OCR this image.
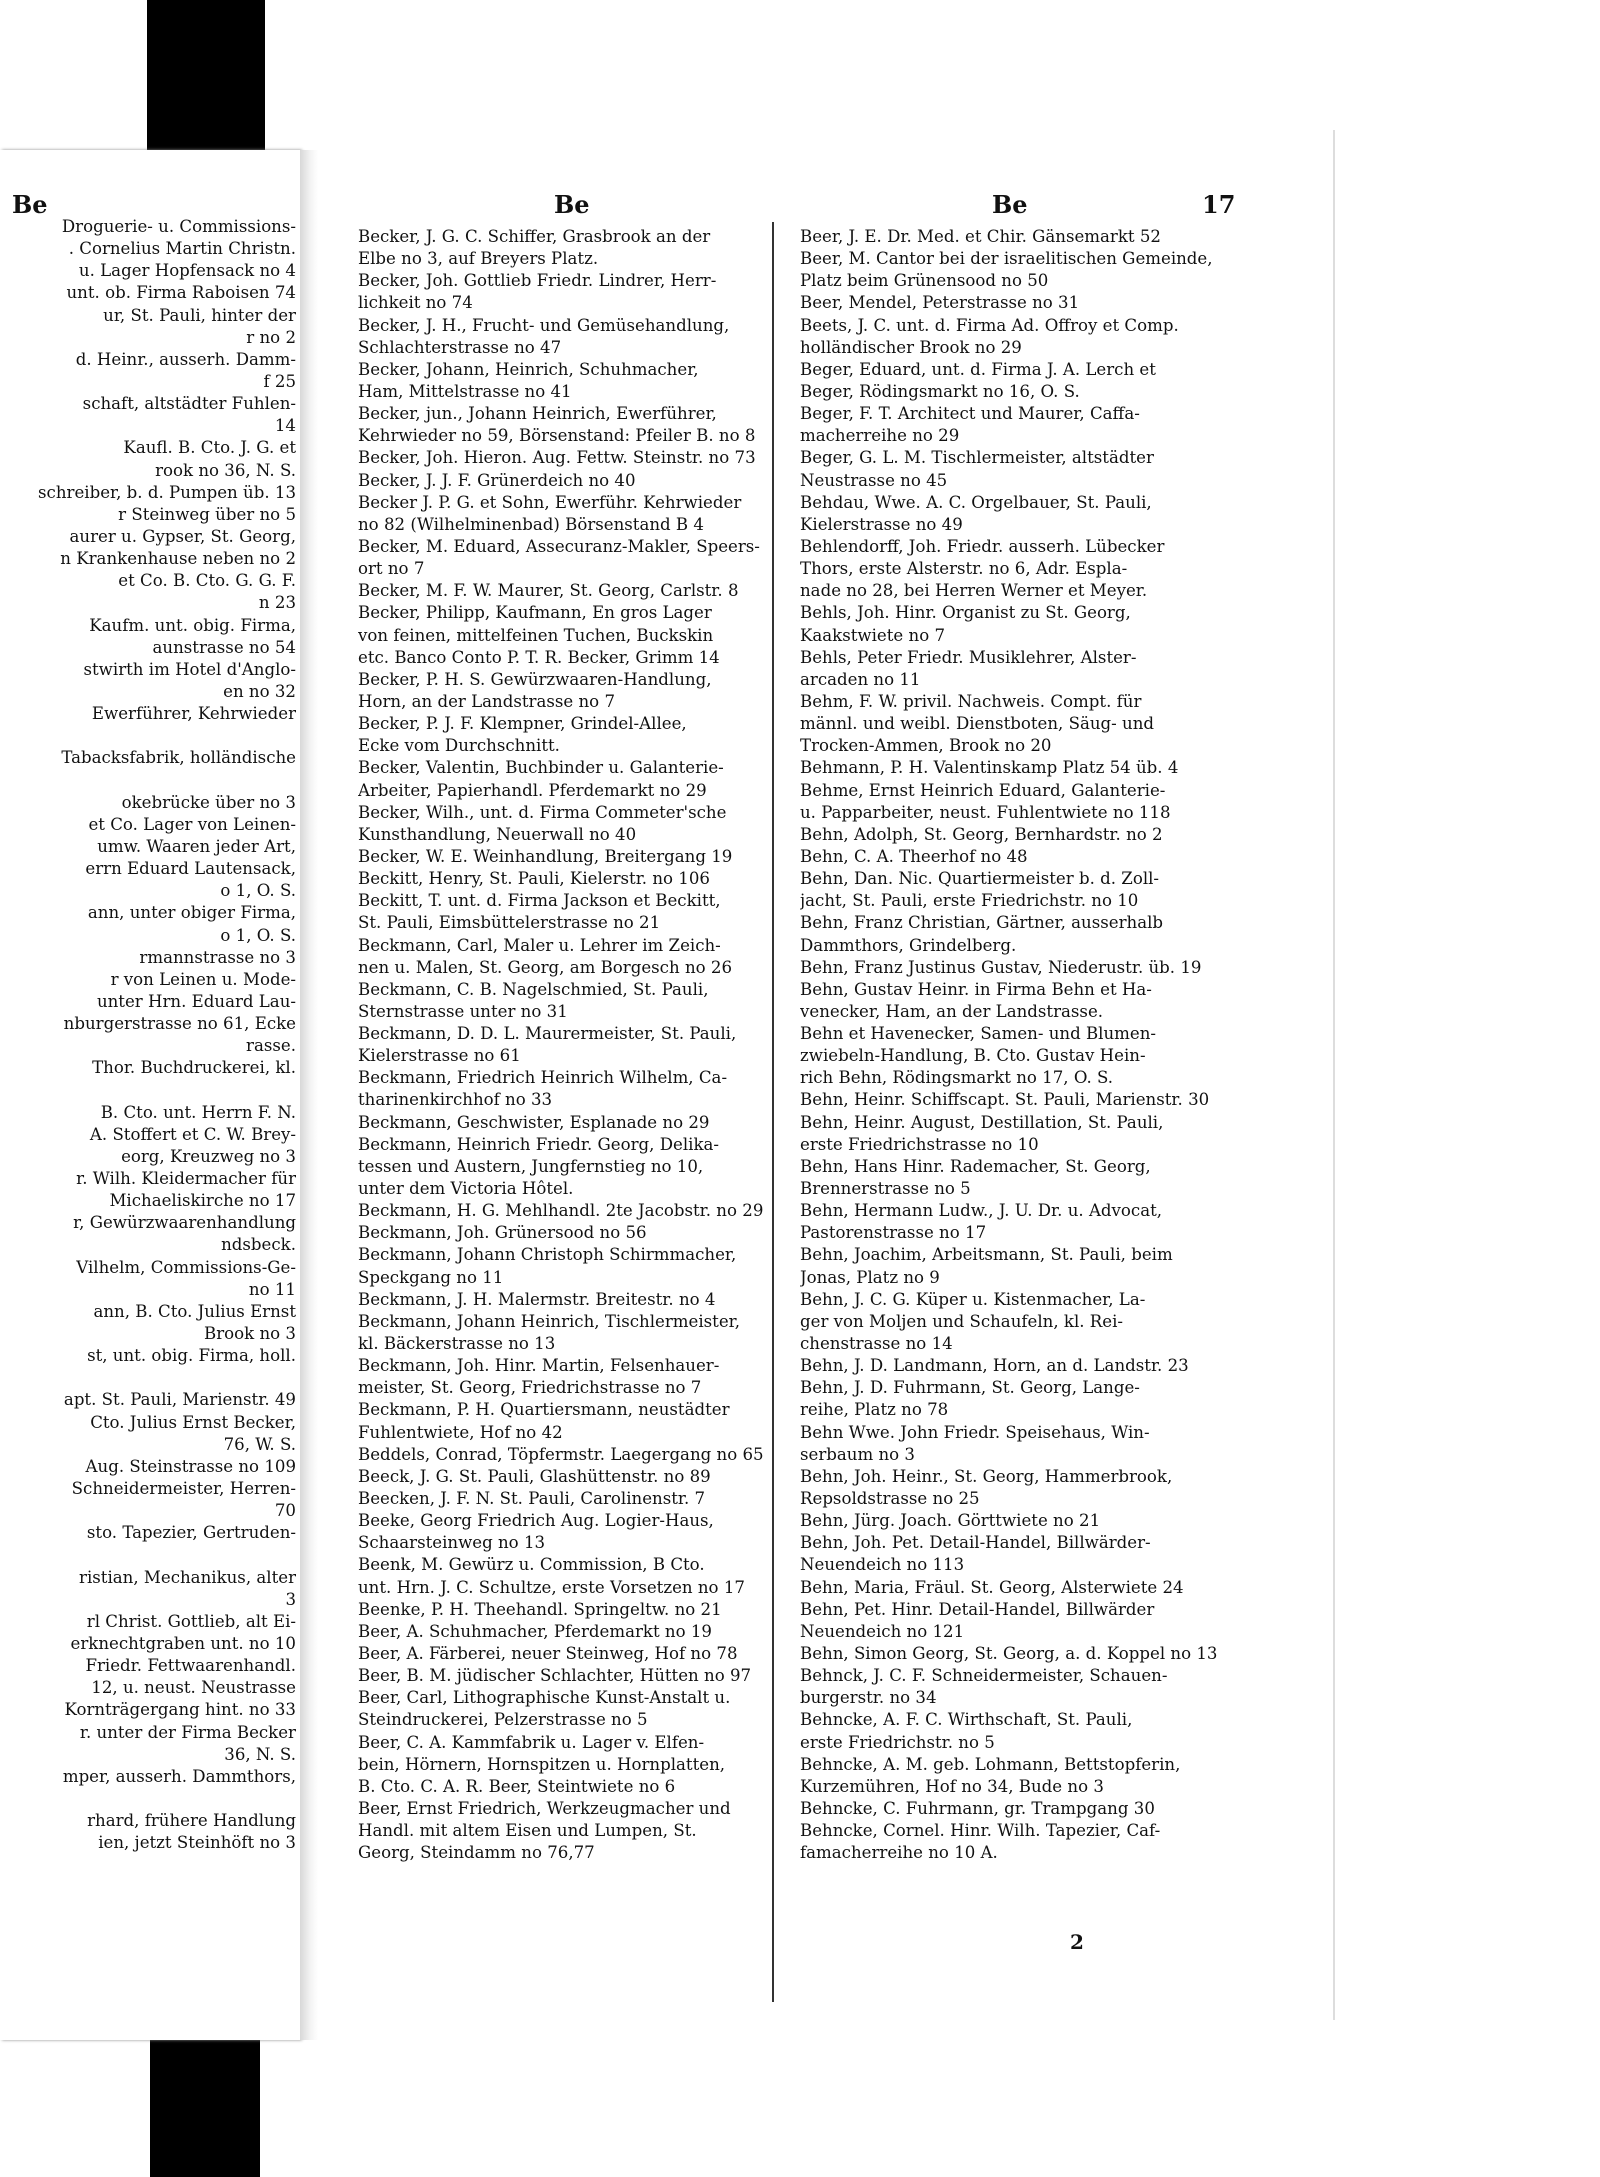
Be
Droguerie- u. Commissions-
. Cornelius Martin Christn.
u. Lager Hopfensack no 4
unt. ob. Firma Raboisen 74
ur, St. Pauli, hinter der
r no 2
d. Heinr., ausserh. Damm-
f 25
schaft, altstädter Fuhlen-
14
Kaufl. B. Cto. J. G. et
rook no 36, N. S.
schreiber, b. d. Pumpen üb. 13
r Steinweg über no 5
aurer u. Gypser, St. Georg,
n Krankenhause neben no 2
et Co. B. Cto. G. G. F.
n 23
Kaufm. unt. obig. Firma,
aunstrasse no 54
stwirth im Hotel d'Anglo-
en no 32
Ewerführer, Kehrwieder
Tabacksfabrik, holländische
okebrücke über no 3
et Co. Lager von Leinen-
umw. Waaren jeder Art,
errn Eduard Lautensack,
o 1, O. S.
ann, unter obiger Firma,
o 1, O. S.
rmannstrasse no 3
r von Leinen u. Mode-
unter Hrn. Eduard Lau-
nburgerstrasse no 61, Ecke
rasse.
Thor. Buchdruckerei, kl.
B. Cto. unt. Herrn F. N.
A. Stoffert et C. W. Brey-
eorg, Kreuzweg no 3
r. Wilh. Kleidermacher für
Michaeliskirche no 17
r, Gewürzwaarenhandlung
ndsbeck.
Vilhelm, Commissions-Ge-
no 11
ann, B. Cto. Julius Ernst
Brook no 3
st, unt. obig. Firma, holl.
apt. St. Pauli, Marienstr. 49
Cto. Julius Ernst Becker,
76, W. S.
Aug. Steinstrasse no 109
Schneidermeister, Herren-
70
sto. Tapezier, Gertruden-
ristian, Mechanikus, alter
3
rl Christ. Gottlieb, alt Ei-
erknechtgraben unt. no 10
Friedr. Fettwaarenhandl.
12, u. neust. Neustrasse
Kornträgergang hint. no 33
r. unter der Firma Becker
36, N. S.
mper, ausserh. Dammthors,
rhard, frühere Handlung
ien, jetzt Steinhöft no 3
Be	Be	17
Becker, J. G. C. Schiffer, Grasbrook an der
Elbe no 3, auf Breyers Platz.
Becker, Joh. Gottlieb Friedr. Lindrer, Herr-
lichkeit no 74
Becker, J. H., Frucht- und Gemüsehandlung,
Schlachterstrasse no 47
Becker, Johann, Heinrich, Schuhmacher,
Ham, Mittelstrasse no 41
Becker, jun., Johann Heinrich, Ewerführer,
Kehrwieder no 59, Börsenstand: Pfeiler B. no 8
Becker, Joh. Hieron. Aug. Fettw. Steinstr. no 73
Becker, J. J. F. Grünerdeich no 40
Becker J. P. G. et Sohn, Ewerführ. Kehrwieder
no 82 (Wilhelminenbad) Börsenstand B 4
Becker, M. Eduard, Assecuranz-Makler, Speers-
ort no 7
Becker, M. F. W. Maurer, St. Georg, Carlstr. 8
Becker, Philipp, Kaufmann, En gros Lager
von feinen, mittelfeinen Tuchen, Buckskin
etc. Banco Conto P. T. R. Becker, Grimm 14
Becker, P. H. S. Gewürzwaaren-Handlung,
Horn, an der Landstrasse no 7
Becker, P. J. F. Klempner, Grindel-Allee,
Ecke vom Durchschnitt.
Becker, Valentin, Buchbinder u. Galanterie-
Arbeiter, Papierhandl. Pferdemarkt no 29
Becker, Wilh., unt. d. Firma Commeter'sche
Kunsthandlung, Neuerwall no 40
Becker, W. E. Weinhandlung, Breitergang 19
Beckitt, Henry, St. Pauli, Kielerstr. no 106
Beckitt, T. unt. d. Firma Jackson et Beckitt,
St. Pauli, Eimsbüttelerstrasse no 21
Beckmann, Carl, Maler u. Lehrer im Zeich-
nen u. Malen, St. Georg, am Borgesch no 26
Beckmann, C. B. Nagelschmied, St. Pauli,
Sternstrasse unter no 31
Beckmann, D. D. L. Maurermeister, St. Pauli,
Kielerstrasse no 61
Beckmann, Friedrich Heinrich Wilhelm, Ca-
tharinenkirchhof no 33
Beckmann, Geschwister, Esplanade no 29
Beckmann, Heinrich Friedr. Georg, Delika-
tessen und Austern, Jungfernstieg no 10,
unter dem Victoria Hôtel.
Beckmann, H. G. Mehlhandl. 2te Jacobstr. no 29
Beckmann, Joh. Grünersood no 56
Beckmann, Johann Christoph Schirmmacher,
Speckgang no 11
Beckmann, J. H. Malermstr. Breitestr. no 4
Beckmann, Johann Heinrich, Tischlermeister,
kl. Bäckerstrasse no 13
Beckmann, Joh. Hinr. Martin, Felsenhauer-
meister, St. Georg, Friedrichstrasse no 7
Beckmann, P. H. Quartiersmann, neustädter
Fuhlentwiete, Hof no 42
Beddels, Conrad, Töpfermstr. Laegergang no 65
Beeck, J. G. St. Pauli, Glashüttenstr. no 89
Beecken, J. F. N. St. Pauli, Carolinenstr. 7
Beeke, Georg Friedrich Aug. Logier-Haus,
Schaarsteinweg no 13
Beenk, M. Gewürz u. Commission, B Cto.
unt. Hrn. J. C. Schultze, erste Vorsetzen no 17
Beenke, P. H. Theehandl. Springeltw. no 21
Beer, A. Schuhmacher, Pferdemarkt no 19
Beer, A. Färberei, neuer Steinweg, Hof no 78
Beer, B. M. jüdischer Schlachter, Hütten no 97
Beer, Carl, Lithographische Kunst-Anstalt u.
Steindruckerei, Pelzerstrasse no 5
Beer, C. A. Kammfabrik u. Lager v. Elfen-
bein, Hörnern, Hornspitzen u. Hornplatten,
B. Cto. C. A. R. Beer, Steintwiete no 6
Beer, Ernst Friedrich, Werkzeugmacher und
Handl. mit altem Eisen und Lumpen, St.
Georg, Steindamm no 76,77
Beer, J. E. Dr. Med. et Chir. Gänsemarkt 52
Beer, M. Cantor bei der israelitischen Gemeinde,
Platz beim Grünensood no 50
Beer, Mendel, Peterstrasse no 31
Beets, J. C. unt. d. Firma Ad. Offroy et Comp.
holländischer Brook no 29
Beger, Eduard, unt. d. Firma J. A. Lerch et
Beger, Rödingsmarkt no 16, O. S.
Beger, F. T. Architect und Maurer, Caffa-
macherreihe no 29
Beger, G. L. M. Tischlermeister, altstädter
Neustrasse no 45
Behdau, Wwe. A. C. Orgelbauer, St. Pauli,
Kielerstrasse no 49
Behlendorff, Joh. Friedr. ausserh. Lübecker
Thors, erste Alsterstr. no 6, Adr. Espla-
nade no 28, bei Herren Werner et Meyer.
Behls, Joh. Hinr. Organist zu St. Georg,
Kaakstwiete no 7
Behls, Peter Friedr. Musiklehrer, Alster-
arcaden no 11
Behm, F. W. privil. Nachweis. Compt. für
männl. und weibl. Dienstboten, Säug- und
Trocken-Ammen, Brook no 20
Behmann, P. H. Valentinskamp Platz 54 üb. 4
Behme, Ernst Heinrich Eduard, Galanterie-
u. Papparbeiter, neust. Fuhlentwiete no 118
Behn, Adolph, St. Georg, Bernhardstr. no 2
Behn, C. A. Theerhof no 48
Behn, Dan. Nic. Quartiermeister b. d. Zoll-
jacht, St. Pauli, erste Friedrichstr. no 10
Behn, Franz Christian, Gärtner, ausserhalb
Dammthors, Grindelberg.
Behn, Franz Justinus Gustav, Niederustr. üb. 19
Behn, Gustav Heinr. in Firma Behn et Ha-
venecker, Ham, an der Landstrasse.
Behn et Havenecker, Samen- und Blumen-
zwiebeln-Handlung, B. Cto. Gustav Hein-
rich Behn, Rödingsmarkt no 17, O. S.
Behn, Heinr. Schiffscapt. St. Pauli, Marienstr. 30
Behn, Heinr. August, Destillation, St. Pauli,
erste Friedrichstrasse no 10
Behn, Hans Hinr. Rademacher, St. Georg,
Brennerstrasse no 5
Behn, Hermann Ludw., J. U. Dr. u. Advocat,
Pastorenstrasse no 17
Behn, Joachim, Arbeitsmann, St. Pauli, beim
Jonas, Platz no 9
Behn, J. C. G. Küper u. Kistenmacher, La-
ger von Moljen und Schaufeln, kl. Rei-
chenstrasse no 14
Behn, J. D. Landmann, Horn, an d. Landstr. 23
Behn, J. D. Fuhrmann, St. Georg, Lange-
reihe, Platz no 78
Behn Wwe. John Friedr. Speisehaus, Win-
serbaum no 3
Behn, Joh. Heinr., St. Georg, Hammerbrook,
Repsoldstrasse no 25
Behn, Jürg. Joach. Görttwiete no 21
Behn, Joh. Pet. Detail-Handel, Billwärder-
Neuendeich no 113
Behn, Maria, Fräul. St. Georg, Alsterwiete 24
Behn, Pet. Hinr. Detail-Handel, Billwärder
Neuendeich no 121
Behn, Simon Georg, St. Georg, a. d. Koppel no 13
Behnck, J. C. F. Schneidermeister, Schauen-
burgerstr. no 34
Behncke, A. F. C. Wirthschaft, St. Pauli,
erste Friedrichstr. no 5
Behncke, A. M. geb. Lohmann, Bettstopferin,
Kurzemühren, Hof no 34, Bude no 3
Behncke, C. Fuhrmann, gr. Trampgang 30
Behncke, Cornel. Hinr. Wilh. Tapezier, Caf-
famacherreihe no 10 A.
2
